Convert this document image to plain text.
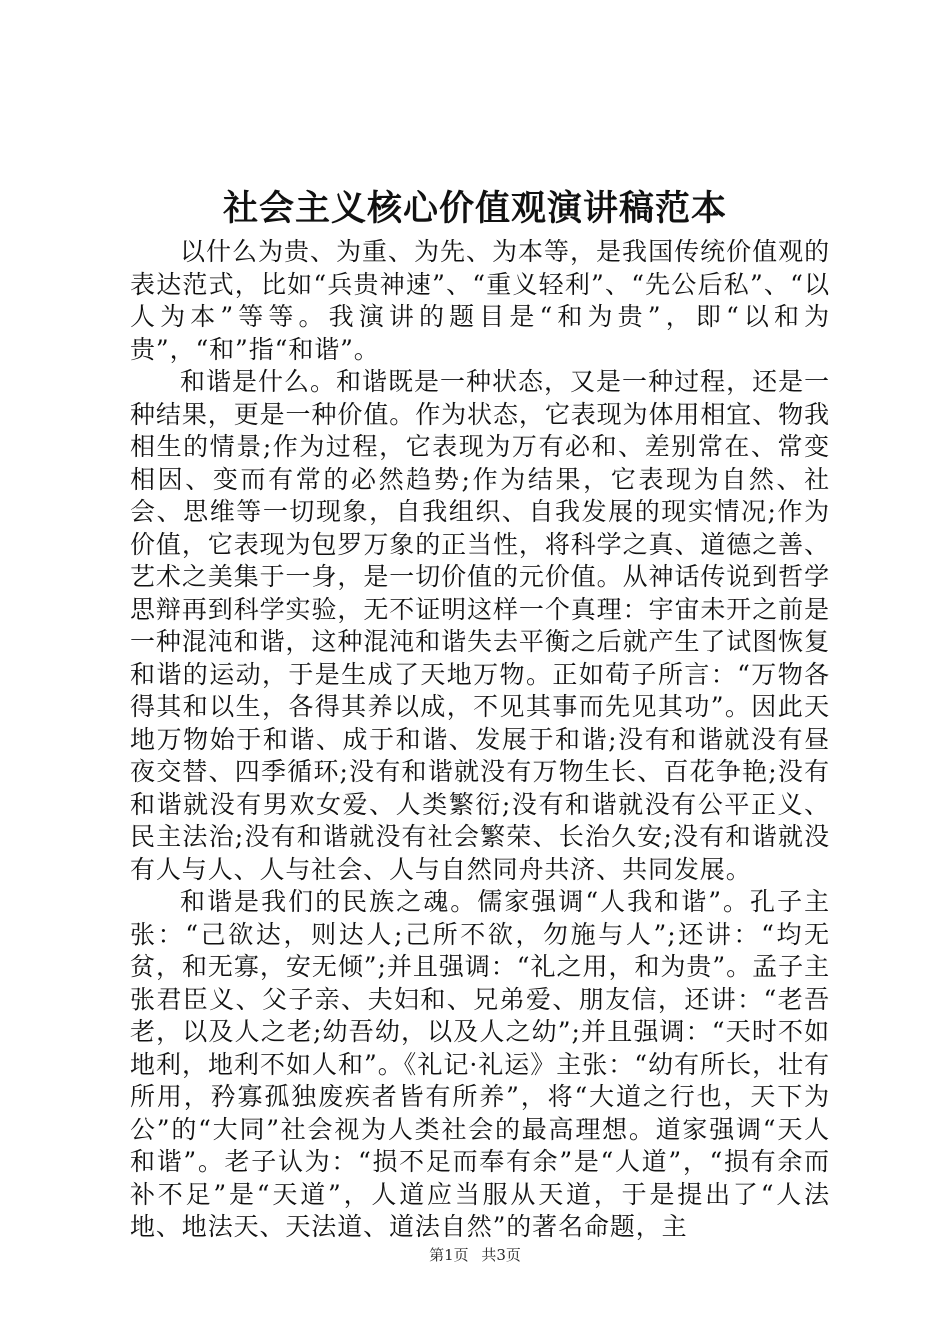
社会主义核心价值观演讲稿范本

以什么为贵、为重、为先、为本等，是我国传统价值观的表达范式，比如“兵贵神速”、“重义轻利”、“先公后私”、“以人为本”等等。我演讲的题目是“和为贵”，即“以和为贵”，“和”指“和谐”。

和谐是什么。和谐既是一种状态，又是一种过程，还是一种结果，更是一种价值。作为状态，它表现为体用相宜、物我相生的情景;作为过程，它表现为万有必和、差别常在、常变相因、变而有常的必然趋势;作为结果，它表现为自然、社会、思维等一切现象，自我组织、自我发展的现实情况;作为价值，它表现为包罗万象的正当性，将科学之真、道德之善、艺术之美集于一身，是一切价值的元价值。从神话传说到哲学思辩再到科学实验，无不证明这样一个真理：宇宙未开之前是一种混沌和谐，这种混沌和谐失去平衡之后就产生了试图恢复和谐的运动，于是生成了天地万物。正如荀子所言：“万物各得其和以生，各得其养以成，不见其事而先见其功”。因此天地万物始于和谐、成于和谐、发展于和谐;没有和谐就没有昼夜交替、四季循环;没有和谐就没有万物生长、百花争艳;没有和谐就没有男欢女爱、人类繁衍;没有和谐就没有公平正义、民主法治;没有和谐就没有社会繁荣、长治久安;没有和谐就没有人与人、人与社会、人与自然同舟共济、共同发展。

和谐是我们的民族之魂。儒家强调“人我和谐”。孔子主张：“己欲达，则达人;己所不欲，勿施与人”;还讲：“均无贫，和无寡，安无倾”;并且强调：“礼之用，和为贵”。孟子主张君臣义、父子亲、夫妇和、兄弟爱、朋友信，还讲：“老吾老，以及人之老;幼吾幼，以及人之幼”;并且强调：“天时不如地利，地利不如人和”。《礼记·礼运》主张：“幼有所长，壮有所用，矜寡孤独废疾者皆有所养”，将“大道之行也，天下为公”的“大同”社会视为人类社会的最高理想。道家强调“天人和谐”。老子认为：“损不足而奉有余”是“人道”，“损有余而补不足”是“天道”，人道应当服从天道，于是提出了“人法地、地法天、天法道、道法自然”的著名命题，主

第1页 共3页
